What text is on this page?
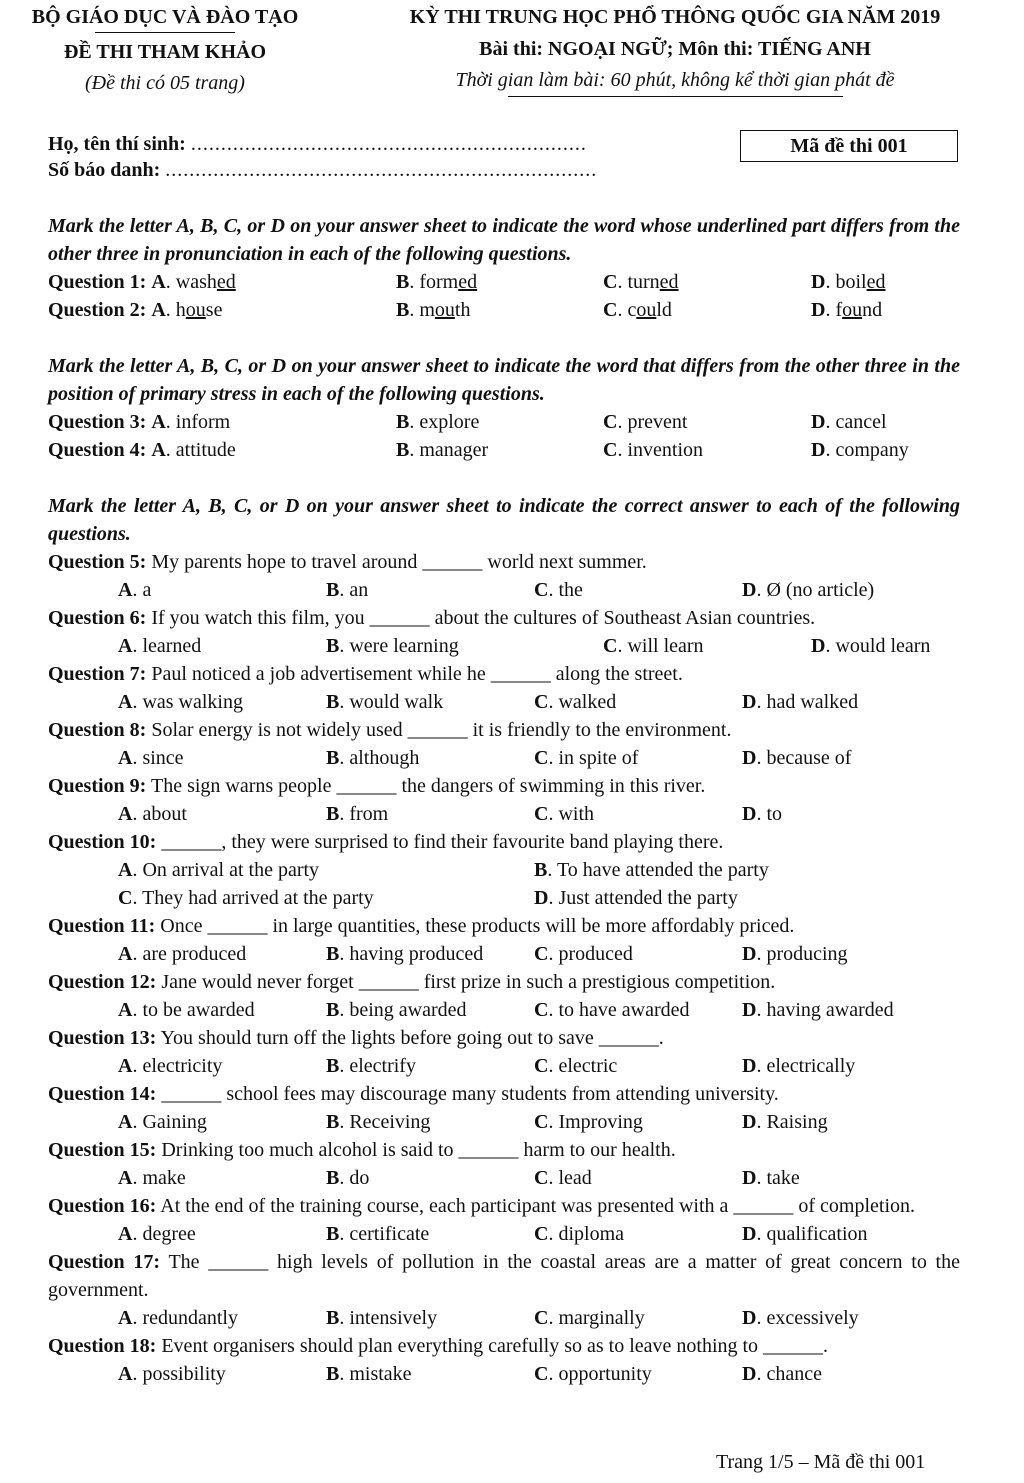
BỘ GIÁO DỤC VÀ ĐÀO TẠO
ĐỀ THI THAM KHẢO
(Đề thi có 05 trang)
KỲ THI TRUNG HỌC PHỔ THÔNG QUỐC GIA NĂM 2019
Bài thi: NGOẠI NGỮ; Môn thi: TIẾNG ANH
Thời gian làm bài: 60 phút, không kể thời gian phát đề
Họ, tên thí sinh: ..................................................................
Số báo danh: ........................................................................
Mã đề thi 001
Mark the letter A, B, C, or D on your answer sheet to indicate the word whose underlined part differs from the other three in pronunciation in each of the following questions.
Question 1: A. washed	B. formed	C. turned	D. boiled
Question 2: A. house	B. mouth	C. could	D. found
Mark the letter A, B, C, or D on your answer sheet to indicate the word that differs from the other three in the position of primary stress in each of the following questions.
Question 3: A. inform	B. explore	C. prevent	D. cancel
Question 4: A. attitude	B. manager	C. invention	D. company
Mark the letter A, B, C, or D on your answer sheet to indicate the correct answer to each of the following questions.
Question 5: My parents hope to travel around ______ world next summer.
A. a	B. an	C. the	D. Ø (no article)
Question 6: If you watch this film, you ______ about the cultures of Southeast Asian countries.
A. learned	B. were learning	C. will learn	D. would learn
Question 7: Paul noticed a job advertisement while he ______ along the street.
A. was walking	B. would walk	C. walked	D. had walked
Question 8: Solar energy is not widely used ______ it is friendly to the environment.
A. since	B. although	C. in spite of	D. because of
Question 9: The sign warns people ______ the dangers of swimming in this river.
A. about	B. from	C. with	D. to
Question 10: ______, they were surprised to find their favourite band playing there.
A. On arrival at the party	B. To have attended the party
C. They had arrived at the party	D. Just attended the party
Question 11: Once ______ in large quantities, these products will be more affordably priced.
A. are produced	B. having produced	C. produced	D. producing
Question 12: Jane would never forget ______ first prize in such a prestigious competition.
A. to be awarded	B. being awarded	C. to have awarded	D. having awarded
Question 13: You should turn off the lights before going out to save ______.
A. electricity	B. electrify	C. electric	D. electrically
Question 14: ______ school fees may discourage many students from attending university.
A. Gaining	B. Receiving	C. Improving	D. Raising
Question 15: Drinking too much alcohol is said to ______ harm to our health.
A. make	B. do	C. lead	D. take
Question 16: At the end of the training course, each participant was presented with a ______ of completion.
A. degree	B. certificate	C. diploma	D. qualification
Question 17: The ______ high levels of pollution in the coastal areas are a matter of great concern to the government.
A. redundantly	B. intensively	C. marginally	D. excessively
Question 18: Event organisers should plan everything carefully so as to leave nothing to ______.
A. possibility	B. mistake	C. opportunity	D. chance
Trang 1/5 – Mã đề thi 001
